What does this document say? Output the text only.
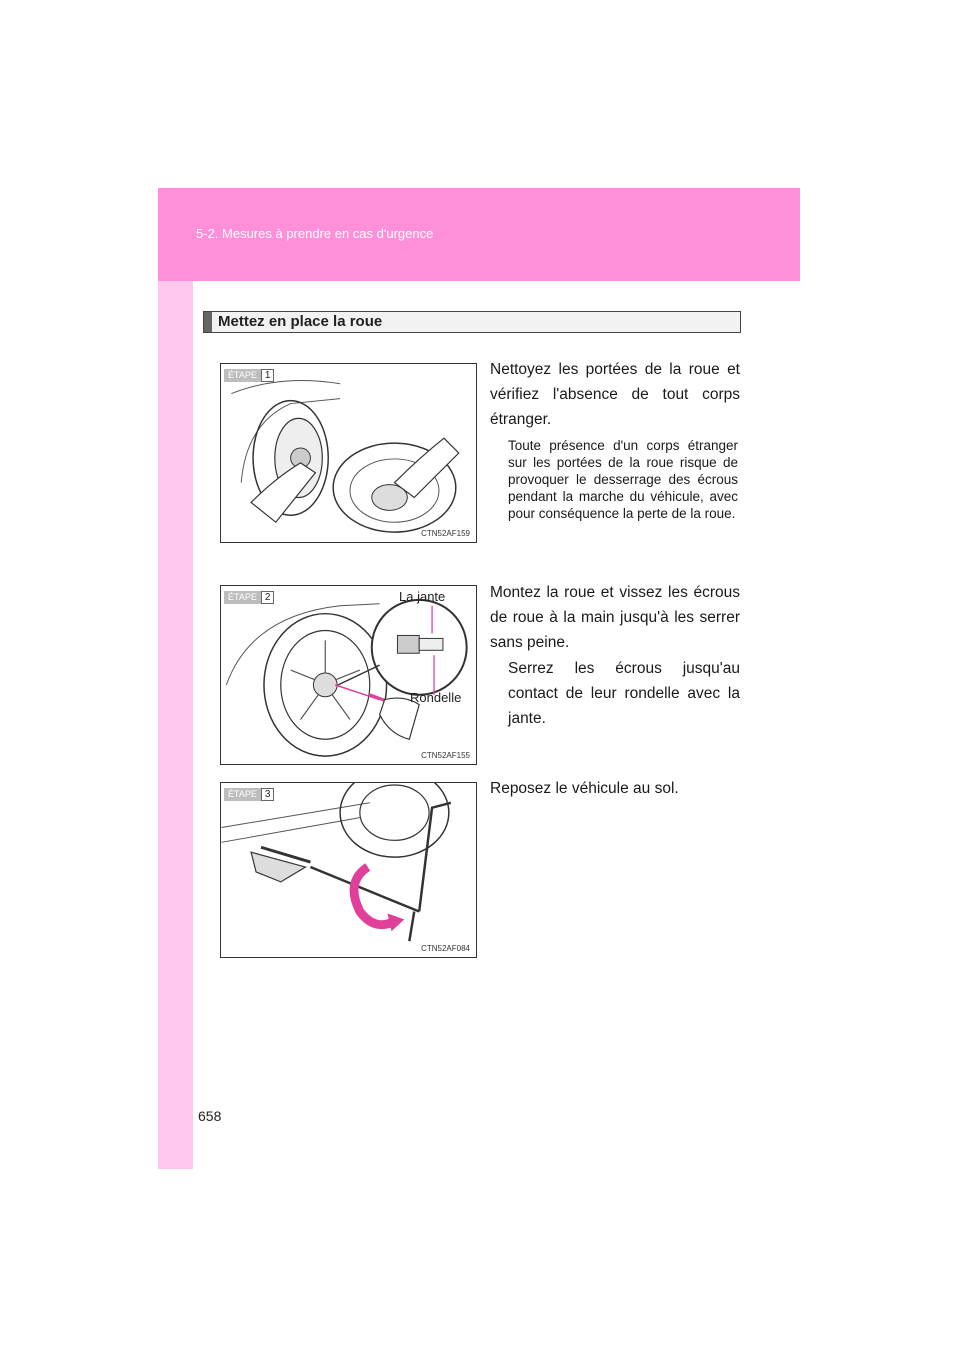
5-2. Mesures à prendre en cas d'urgence
658
Mettez en place la roue
ÉTAPE 1
CTN52AF159
Nettoyez les portées de la roue et vérifiez l'absence de tout corps étranger.
Toute présence d'un corps étranger sur les portées de la roue risque de provoquer le desserrage des écrous pendant la marche du véhicule, avec pour conséquence la perte de la roue.
ÉTAPE 2	La jante
Rondelle
CTN52AF155
Montez la roue et vissez les écrous de roue à la main jusqu'à les serrer sans peine.
Serrez les écrous jusqu'au contact de leur rondelle avec la jante.
ÉTAPE 3
CTN52AF084
Reposez le véhicule au sol.
